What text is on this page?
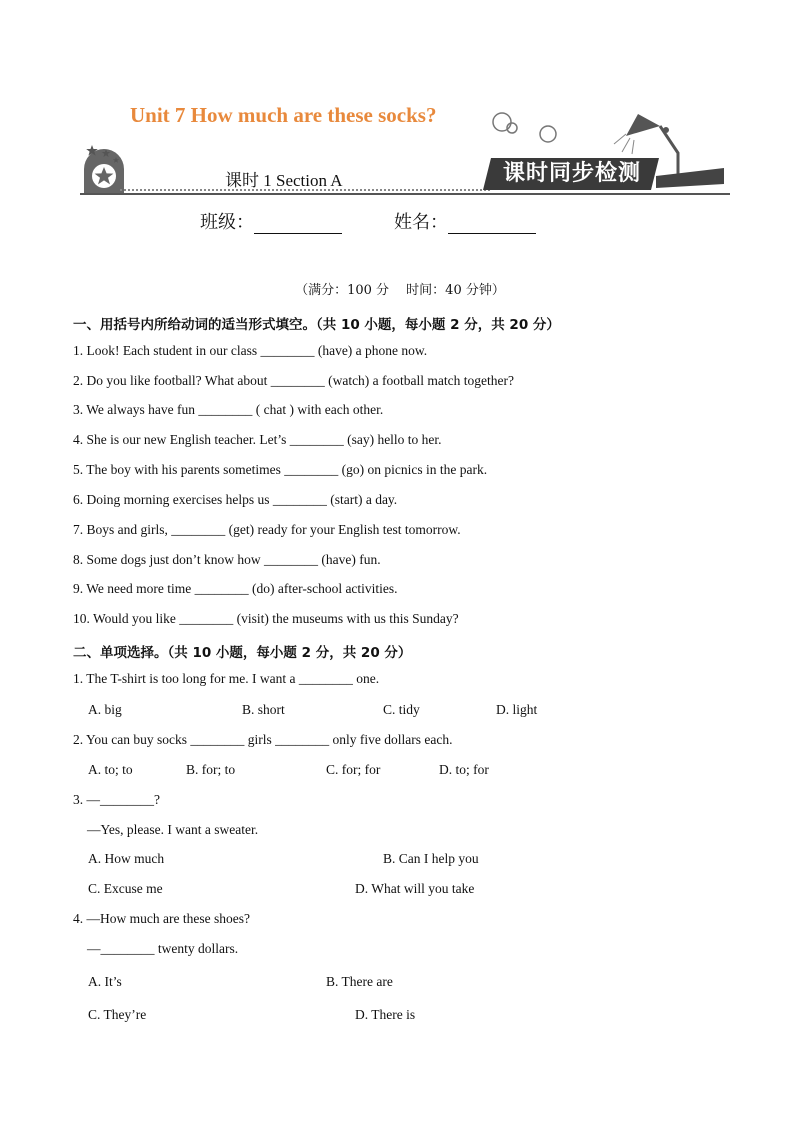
课时同步检测
Unit 7 How much are these socks?
课时 1 Section A
班级：	姓名：
（满分：100 分　 时间：40 分钟）
一、用括号内所给动词的适当形式填空。（共 10 小题，每小题 2 分，共 20 分）
1. Look! Each student in our class ________ (have) a phone now.
2. Do you like football? What about ________ (watch) a football match together?
3. We always have fun ________ ( chat ) with each other.
4. She is our new English teacher. Let’s ________ (say) hello to her.
5. The boy with his parents sometimes ________ (go) on picnics in the park.
6. Doing morning exercises helps us ________ (start) a day.
7. Boys and girls, ________ (get) ready for your English test tomorrow.
8. Some dogs just don’t know how ________ (have) fun.
9. We need more time ________ (do) after-school activities.
10. Would you like ________ (visit) the museums with us this Sunday?
二、单项选择。（共 10 小题，每小题 2 分，共 20 分）
1. The T-shirt is too long for me. I want a ________ one.
A. big	B. short	C. tidy	D. light
2. You can buy socks ________ girls ________ only five dollars each.
A. to; to	B. for; to	C. for; for	D. to; for
3. —________?
—Yes, please. I want a sweater.
A. How much	B. Can I help you
C. Excuse me	D. What will you take
4. —How much are these shoes?
—________ twenty dollars.
A. It’s	B. There are
C. They’re	D. There is
